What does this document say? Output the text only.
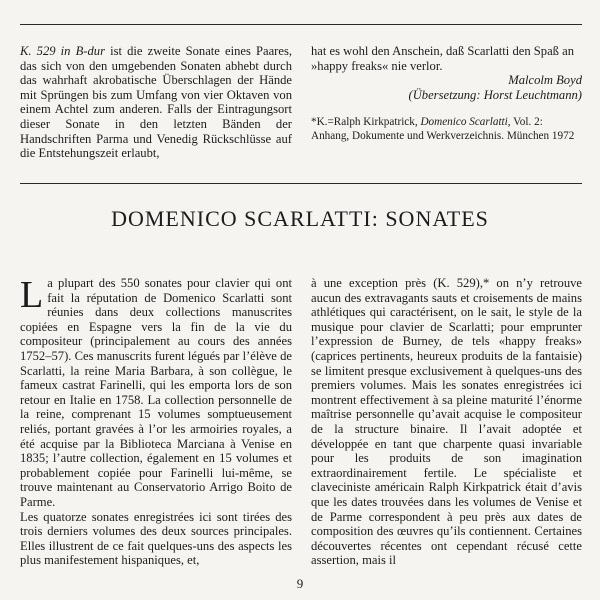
K. 529 in B-dur ist die zweite Sonate eines Paares, das sich von den umgebenden Sonaten abhebt durch das wahrhaft akrobatische Überschlagen der Hände mit Sprüngen bis zum Umfang von vier Oktaven von einem Achtel zum anderen. Falls der Eintragungsort dieser Sonate in den letzten Bänden der Handschriften Parma und Venedig Rückschlüsse auf die Entstehungszeit erlaubt,

hat es wohl den Anschein, daß Scarlatti den Spaß an »happy freaks« nie verlor.

Malcolm Boyd

(Übersetzung: Horst Leuchtmann)

*K.=Ralph Kirkpatrick, Domenico Scarlatti, Vol. 2: Anhang, Dokumente und Werkverzeichnis. München 1972

DOMENICO SCARLATTI: SONATES

La plupart des 550 sonates pour clavier qui ont fait la réputation de Domenico Scarlatti sont réunies dans deux collections manuscrites copiées en Espagne vers la fin de la vie du compositeur (principalement au cours des années 1752–57). Ces manuscrits furent légués par l’élève de Scarlatti, la reine Maria Barbara, à son collègue, le fameux castrat Farinelli, qui les emporta lors de son retour en Italie en 1758. La collection personnelle de la reine, comprenant 15 volumes somptueusement reliés, portant gravées à l’or les armoiries royales, a été acquise par la Biblioteca Marciana à Venise en 1835; l’autre collection, également en 15 volumes et probablement copiée pour Farinelli lui-même, se trouve maintenant au Conservatorio Arrigo Boito de Parme.

Les quatorze sonates enregistrées ici sont tirées des trois derniers volumes des deux sources principales. Elles illustrent de ce fait quelques-uns des aspects les plus manifestement hispaniques, et,

à une exception près (K. 529),* on n’y retrouve aucun des extravagants sauts et croisements de mains athlétiques qui caractérisent, on le sait, le style de la musique pour clavier de Scarlatti; pour emprunter l’expression de Burney, de tels «happy freaks» (caprices pertinents, heureux produits de la fantaisie) se limitent presque exclusivement à quelques-uns des premiers volumes. Mais les sonates enregistrées ici montrent effectivement à sa pleine maturité l’énorme maîtrise personnelle qu’avait acquise le compositeur de la structure binaire. Il l’avait adoptée et développée en tant que charpente quasi invariable pour les produits de son imagination extraordinairement fertile. Le spécialiste et claveciniste américain Ralph Kirkpatrick était d’avis que les dates trouvées dans les volumes de Venise et de Parme correspondent à peu près aux dates de composition des œuvres qu’ils contiennent. Certaines découvertes récentes ont cependant récusé cette assertion, mais il

9
